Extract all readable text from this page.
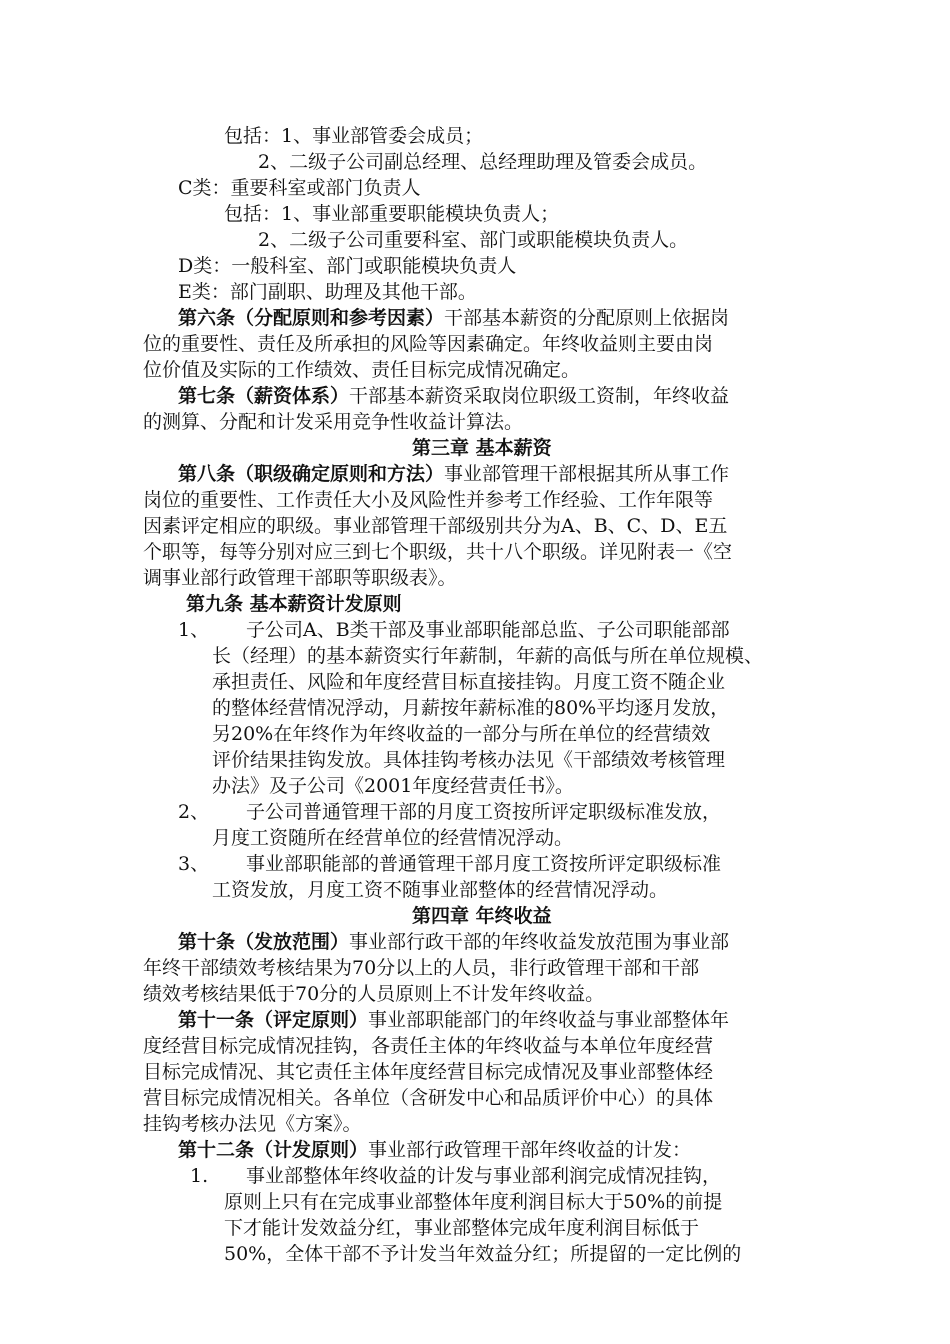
包括：1、事业部管委会成员；
2、二级子公司副总经理、总经理助理及管委会成员。
C类：重要科室或部门负责人
包括：1、事业部重要职能模块负责人；
2、二级子公司重要科室、部门或职能模块负责人。
D类：一般科室、部门或职能模块负责人
E类：部门副职、助理及其他干部。
第六条（分配原则和参考因素）干部基本薪资的分配原则上依据岗
位的重要性、责任及所承担的风险等因素确定。年终收益则主要由岗
位价值及实际的工作绩效、责任目标完成情况确定。
第七条（薪资体系）干部基本薪资采取岗位职级工资制，年终收益
的测算、分配和计发采用竞争性收益计算法。
第三章 基本薪资
第八条（职级确定原则和方法）事业部管理干部根据其所从事工作
岗位的重要性、工作责任大小及风险性并参考工作经验、工作年限等
因素评定相应的职级。事业部管理干部级别共分为A、B、C、D、E五
个职等，每等分别对应三到七个职级，共十八个职级。详见附表一《空
调事业部行政管理干部职等职级表》。
第九条 基本薪资计发原则
1、 子公司A、B类干部及事业部职能部总监、子公司职能部部
长（经理）的基本薪资实行年薪制，年薪的高低与所在单位规模、
承担责任、风险和年度经营目标直接挂钩。月度工资不随企业
的整体经营情况浮动，月薪按年薪标准的80%平均逐月发放，
另20%在年终作为年终收益的一部分与所在单位的经营绩效
评价结果挂钩发放。具体挂钩考核办法见《干部绩效考核管理
办法》及子公司《2001年度经营责任书》。
2、 子公司普通管理干部的月度工资按所评定职级标准发放，
月度工资随所在经营单位的经营情况浮动。
3、 事业部职能部的普通管理干部月度工资按所评定职级标准
工资发放，月度工资不随事业部整体的经营情况浮动。
第四章 年终收益
第十条（发放范围）事业部行政干部的年终收益发放范围为事业部
年终干部绩效考核结果为70分以上的人员，非行政管理干部和干部
绩效考核结果低于70分的人员原则上不计发年终收益。
第十一条（评定原则）事业部职能部门的年终收益与事业部整体年
度经营目标完成情况挂钩，各责任主体的年终收益与本单位年度经营
目标完成情况、其它责任主体年度经营目标完成情况及事业部整体经
营目标完成情况相关。各单位（含研发中心和品质评价中心）的具体
挂钩考核办法见《方案》。
第十二条（计发原则）事业部行政管理干部年终收益的计发：
1. 事业部整体年终收益的计发与事业部利润完成情况挂钩，
原则上只有在完成事业部整体年度利润目标大于50%的前提
下才能计发效益分红，事业部整体完成年度利润目标低于
50%，全体干部不予计发当年效益分红；所提留的一定比例的
